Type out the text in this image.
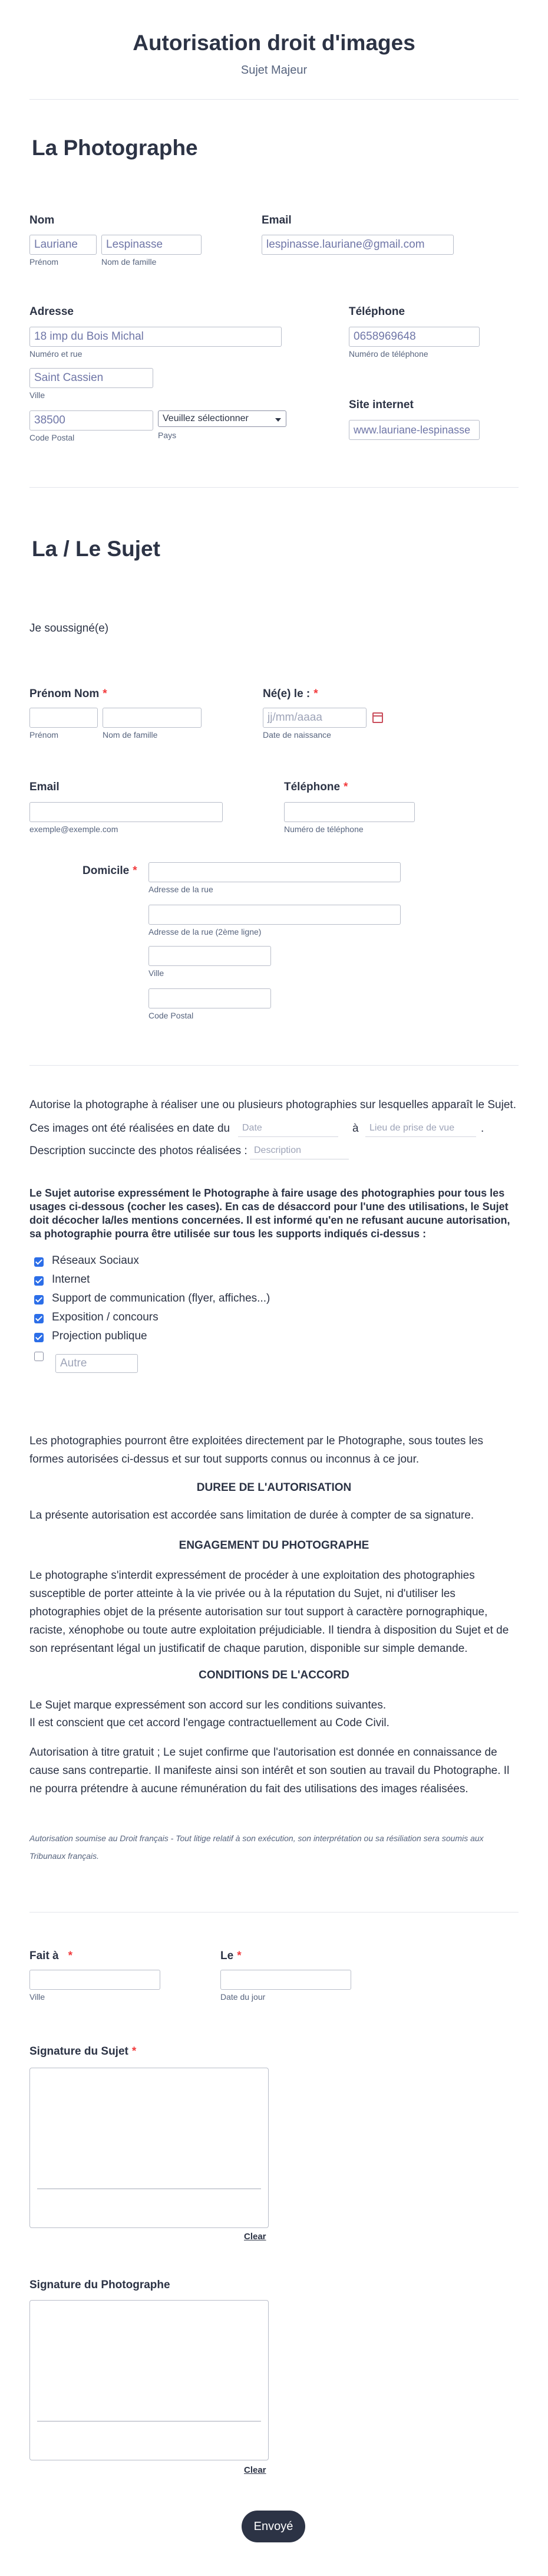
Autorisation droit d'images
Sujet Majeur
La Photographe
Nom
Lauriane	Lespinasse
Prénom	Nom de famille
Email
lespinasse.lauriane@gmail.com
Adresse
18 imp du Bois Michal
Numéro et rue
Saint Cassien
Ville
38500
Code Postal
Veuillez sélectionner
Pays
Téléphone
0658969648
Numéro de téléphone
Site internet
www.lauriane-lespinasse
La / Le Sujet
Je soussigné(e)
Prénom Nom *
Prénom	Nom de famille
Né(e) le : *
jj/mm/aaaa
Date de naissance
Email
exemple@exemple.com
Téléphone *
Numéro de téléphone
Domicile *
Adresse de la rue
Adresse de la rue (2ème ligne)
Ville
Code Postal
Autorise la photographe à réaliser une ou plusieurs photographies sur lesquelles apparaît le Sujet.
Ces images ont été réalisées en date du	Date	à	Lieu de prise de vue	.
Description succincte des photos réalisées : Description
Le Sujet autorise expressément le Photographe à faire usage des photographies pour tous les usages ci-dessous (cocher les cases). En cas de désaccord pour l'une des utilisations, le Sujet doit décocher la/les mentions concernées. Il est informé qu'en ne refusant aucune autorisation, sa photographie pourra être utilisée sur tous les supports indiqués ci-dessus :
Réseaux Sociaux
Internet
Support de communication (flyer, affiches...)
Exposition / concours
Projection publique
Autre
Les photographies pourront être exploitées directement par le Photographe, sous toutes les formes autorisées ci-dessus et sur tout supports connus ou inconnus à ce jour.
DUREE DE L'AUTORISATION
La présente autorisation est accordée sans limitation de durée à compter de sa signature.
ENGAGEMENT DU PHOTOGRAPHE
Le photographe s'interdit expressément de procéder à une exploitation des photographies susceptible de porter atteinte à la vie privée ou à la réputation du Sujet, ni d'utiliser les photographies objet de la présente autorisation sur tout support à caractère pornographique, raciste, xénophobe ou toute autre exploitation préjudiciable. Il tiendra à disposition du Sujet et de son représentant légal un justificatif de chaque parution, disponible sur simple demande.
CONDITIONS DE L'ACCORD
Le Sujet marque expressément son accord sur les conditions suivantes.
Il est conscient que cet accord l'engage contractuellement au Code Civil.
Autorisation à titre gratuit ; Le sujet confirme que l'autorisation est donnée en connaissance de cause sans contrepartie. Il manifeste ainsi son intérêt et son soutien au travail du Photographe. Il ne pourra prétendre à aucune rémunération du fait des utilisations des images réalisées.
Autorisation soumise au Droit français - Tout litige relatif à son exécution, son interprétation ou sa résiliation sera soumis aux Tribunaux français.
Fait à *
Ville
Le *
Date du jour
Signature du Sujet *
Clear
Signature du Photographe
Clear
Envoyé
